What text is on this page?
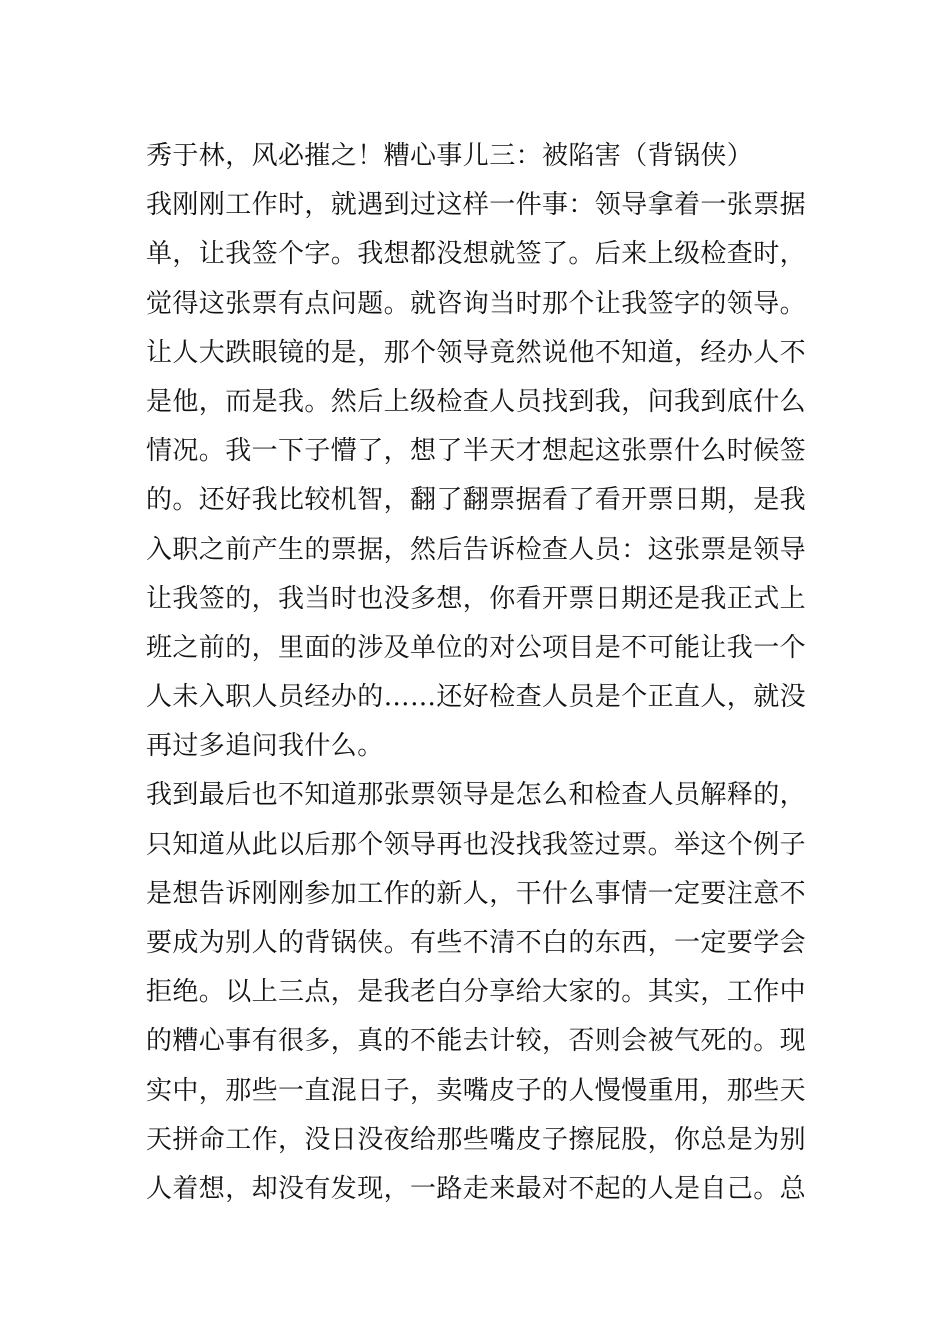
秀于林，风必摧之！糟心事儿三：被陷害（背锅侠）
我刚刚工作时，就遇到过这样一件事：领导拿着一张票据
单，让我签个字。我想都没想就签了。后来上级检查时，
觉得这张票有点问题。就咨询当时那个让我签字的领导。
让人大跌眼镜的是，那个领导竟然说他不知道，经办人不
是他，而是我。然后上级检查人员找到我，问我到底什么
情况。我一下子懵了，想了半天才想起这张票什么时候签
的。还好我比较机智，翻了翻票据看了看开票日期，是我
入职之前产生的票据，然后告诉检查人员：这张票是领导
让我签的，我当时也没多想，你看开票日期还是我正式上
班之前的，里面的涉及单位的对公项目是不可能让我一个
人未入职人员经办的……还好检查人员是个正直人，就没
再过多追问我什么。
我到最后也不知道那张票领导是怎么和检查人员解释的，
只知道从此以后那个领导再也没找我签过票。举这个例子
是想告诉刚刚参加工作的新人，干什么事情一定要注意不
要成为别人的背锅侠。有些不清不白的东西，一定要学会
拒绝。以上三点，是我老白分享给大家的。其实，工作中
的糟心事有很多，真的不能去计较，否则会被气死的。现
实中，那些一直混日子，卖嘴皮子的人慢慢重用，那些天
天拼命工作，没日没夜给那些嘴皮子擦屁股，你总是为别
人着想，却没有发现，一路走来最对不起的人是自己。总
